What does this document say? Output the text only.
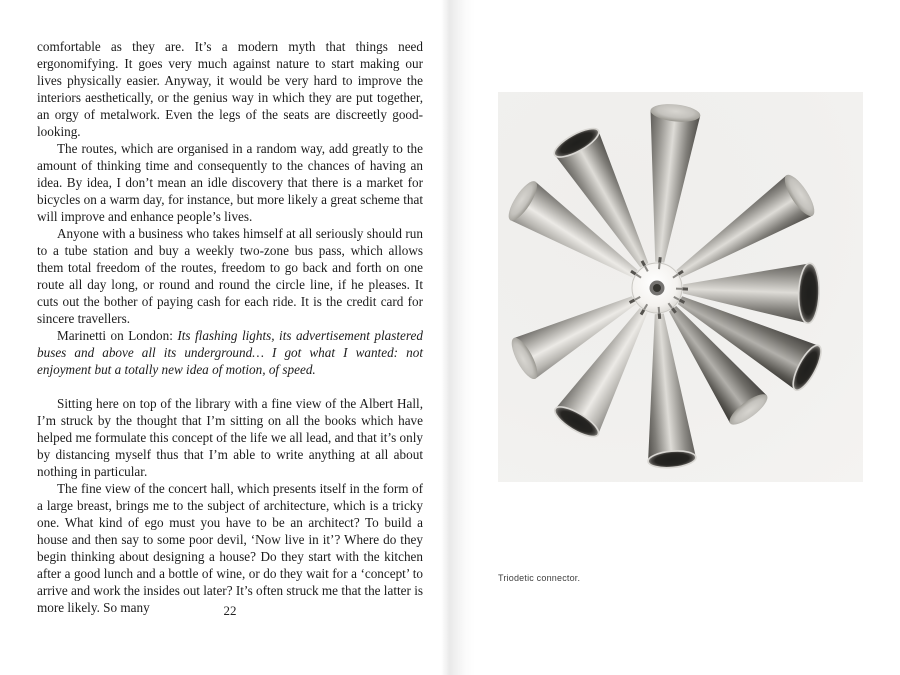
comfortable as they are. It’s a modern myth that things need ergonomifying. It goes very much against nature to start making our lives physically easier. Anyway, it would be very hard to improve the interiors aesthetically, or the genius way in which they are put together, an orgy of metalwork. Even the legs of the seats are discreetly good-looking.

The routes, which are organised in a random way, add greatly to the amount of thinking time and consequently to the chances of having an idea. By idea, I don’t mean an idle discovery that there is a market for bicycles on a warm day, for instance, but more likely a great scheme that will improve and enhance people’s lives.

Anyone with a business who takes himself at all seriously should run to a tube station and buy a weekly two-zone bus pass, which allows them total freedom of the routes, freedom to go back and forth on one route all day long, or round and round the circle line, if he pleases. It cuts out the bother of paying cash for each ride. It is the credit card for sincere travellers.

Marinetti on London: Its flashing lights, its advertisement plastered buses and above all its underground… I got what I wanted: not enjoyment but a totally new idea of motion, of speed.

Sitting here on top of the library with a fine view of the Albert Hall, I’m struck by the thought that I’m sitting on all the books which have helped me formulate this concept of the life we all lead, and that it’s only by distancing myself thus that I’m able to write anything at all about nothing in particular.

The fine view of the concert hall, which presents itself in the form of a large breast, brings me to the subject of architecture, which is a tricky one. What kind of ego must you have to be an architect? To build a house and then say to some poor devil, ‘Now live in it’? Where do they begin thinking about designing a house? Do they start with the kitchen after a good lunch and a bottle of wine, or do they wait for a ‘concept’ to arrive and work the insides out later? It’s often struck me that the latter is more likely. So many	22
Triodetic connector.
